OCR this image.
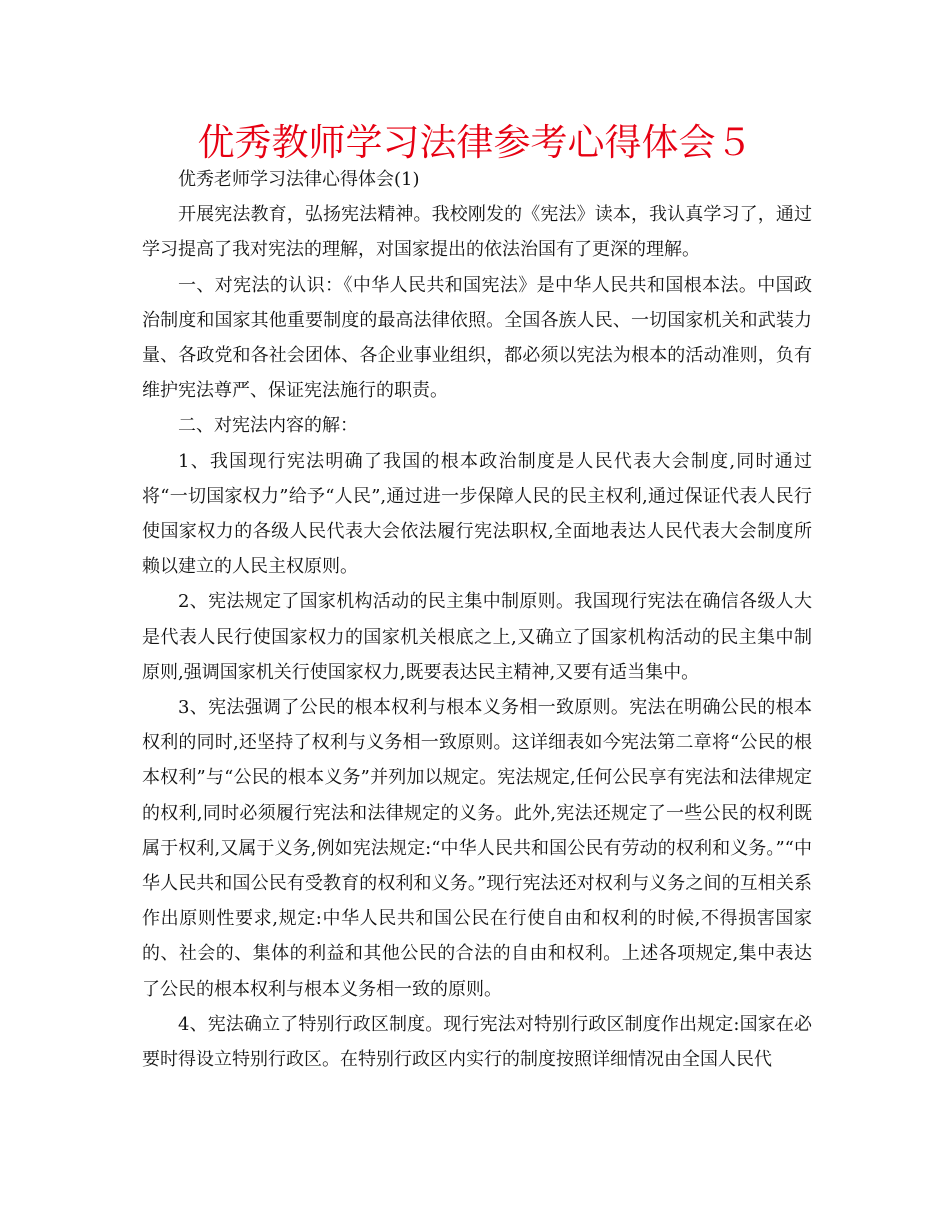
优秀教师学习法律参考心得体会５

优秀老师学习法律心得体会(1)

开展宪法教育，弘扬宪法精神。我校刚发的《宪法》读本，我认真学习了，通过学习提高了我对宪法的理解，对国家提出的依法治国有了更深的理解。

一、对宪法的认识：《中华人民共和国宪法》是中华人民共和国根本法。中国政治制度和国家其他重要制度的最高法律依照。全国各族人民、一切国家机关和武装力量、各政党和各社会团体、各企业事业组织，都必须以宪法为根本的活动准则，负有维护宪法尊严、保证宪法施行的职责。

二、对宪法内容的解：

1、我国现行宪法明确了我国的根本政治制度是人民代表大会制度,同时通过将“一切国家权力”给予“人民”,通过进一步保障人民的民主权利,通过保证代表人民行使国家权力的各级人民代表大会依法履行宪法职权,全面地表达人民代表大会制度所赖以建立的人民主权原则。

2、宪法规定了国家机构活动的民主集中制原则。我国现行宪法在确信各级人大是代表人民行使国家权力的国家机关根底之上,又确立了国家机构活动的民主集中制原则,强调国家机关行使国家权力,既要表达民主精神,又要有适当集中。

3、宪法强调了公民的根本权利与根本义务相一致原则。宪法在明确公民的根本权利的同时,还坚持了权利与义务相一致原则。这详细表如今宪法第二章将“公民的根本权利”与“公民的根本义务”并列加以规定。宪法规定,任何公民享有宪法和法律规定的权利,同时必须履行宪法和法律规定的义务。此外,宪法还规定了一些公民的权利既属于权利,又属于义务,例如宪法规定:“中华人民共和国公民有劳动的权利和义务。”“中华人民共和国公民有受教育的权利和义务。”现行宪法还对权利与义务之间的互相关系作出原则性要求,规定:中华人民共和国公民在行使自由和权利的时候,不得损害国家的、社会的、集体的利益和其他公民的合法的自由和权利。上述各项规定,集中表达了公民的根本权利与根本义务相一致的原则。

4、宪法确立了特别行政区制度。现行宪法对特别行政区制度作出规定:国家在必要时得设立特别行政区。在特别行政区内实行的制度按照详细情况由全国人民代
